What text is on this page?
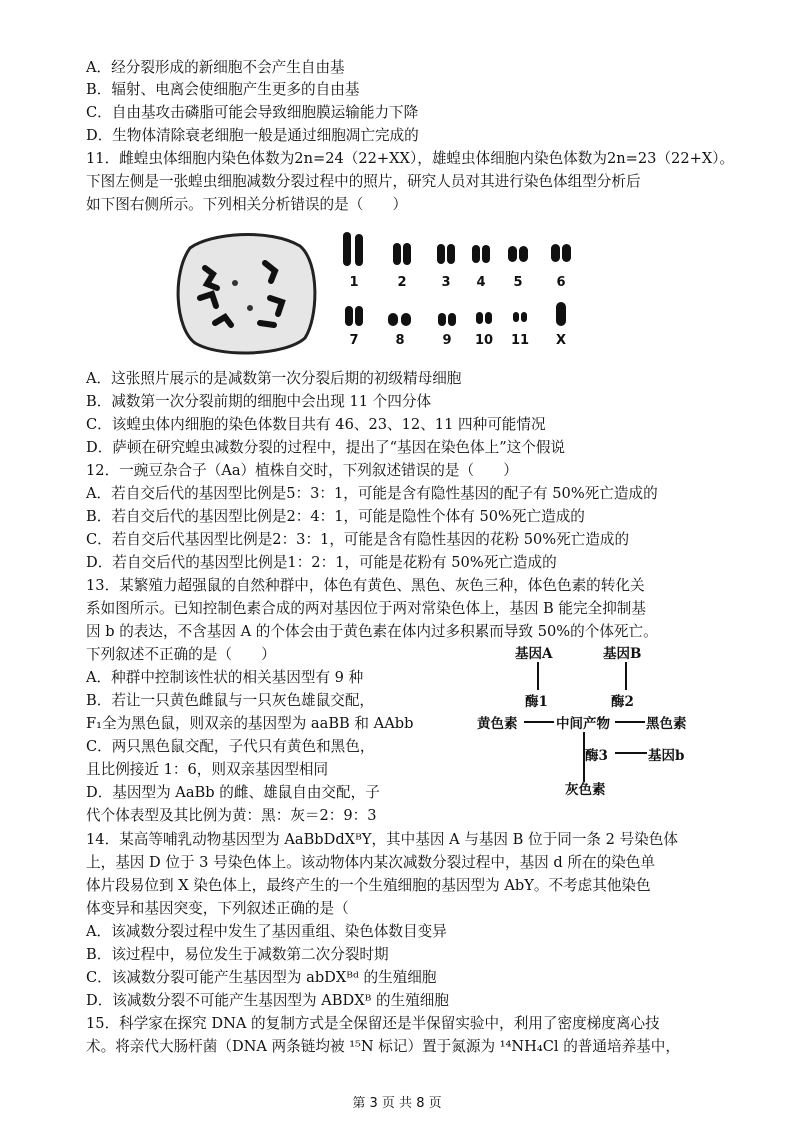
A．经分裂形成的新细胞不会产生自由基
B．辐射、电离会使细胞产生更多的自由基
C．自由基攻击磷脂可能会导致细胞膜运输能力下降
D．生物体清除衰老细胞一般是通过细胞凋亡完成的
11．雌蝗虫体细胞内染色体数为2n=24（22+XX），雄蝗虫体细胞内染色体数为2n=23（22+X）。
下图左侧是一张蝗虫细胞减数分裂过程中的照片，研究人员对其进行染色体组型分析后
如下图右侧所示。下列相关分析错误的是（　　）
1	2	3	4	5	6
7	8	9	10 11	X
A．这张照片展示的是减数第一次分裂后期的初级精母细胞
B．减数第一次分裂前期的细胞中会出现 11 个四分体
C．该蝗虫体内细胞的染色体数目共有 46、23、12、11 四种可能情况
D．萨顿在研究蝗虫减数分裂的过程中，提出了“基因在染色体上”这个假说
12．一豌豆杂合子（Aa）植株自交时，下列叙述错误的是（　　）
A．若自交后代的基因型比例是5：3：1，可能是含有隐性基因的配子有 50%死亡造成的
B．若自交后代的基因型比例是2：4：1，可能是隐性个体有 50%死亡造成的
C．若自交后代基因型比例是2：3：1，可能是含有隐性基因的花粉 50%死亡造成的
D．若自交后代的基因型比例是1：2：1，可能是花粉有 50%死亡造成的
13．某繁殖力超强鼠的自然种群中，体色有黄色、黑色、灰色三种，体色色素的转化关
系如图所示。已知控制色素合成的两对基因位于两对常染色体上，基因 B 能完全抑制基
因 b 的表达，不含基因 A 的个体会由于黄色素在体内过多积累而导致 50%的个体死亡。
下列叙述不正确的是（　　）
A．种群中控制该性状的相关基因型有 9 种
B．若让一只黄色雌鼠与一只灰色雄鼠交配，
F₁全为黑色鼠，则双亲的基因型为 aaBB 和 AAbb
C．两只黑色鼠交配，子代只有黄色和黑色，
且比例接近 1：6，则双亲基因型相同
D．基因型为 AaBb 的雌、雄鼠自由交配，子
代个体表型及其比例为黄：黑：灰＝2：9：3
基因A	基因B
酶1	酶2
黄色素	中间产物	黑色素
酶3	基因b
灰色素
14．某高等哺乳动物基因型为 AaBbDdXᴮY，其中基因 A 与基因 B 位于同一条 2 号染色体
上，基因 D 位于 3 号染色体上。该动物体内某次减数分裂过程中，基因 d 所在的染色单
体片段易位到 X 染色体上，最终产生的一个生殖细胞的基因型为 AbY。不考虑其他染色
体变异和基因突变，下列叙述正确的是（
A．该减数分裂过程中发生了基因重组、染色体数目变异
B．该过程中，易位发生于减数第二次分裂时期
C．该减数分裂可能产生基因型为 abDXᴮᵈ 的生殖细胞
D．该减数分裂不可能产生基因型为 ABDXᴮ 的生殖细胞
15．科学家在探究 DNA 的复制方式是全保留还是半保留实验中，利用了密度梯度离心技
术。将亲代大肠杆菌（DNA 两条链均被 ¹⁵N 标记）置于氮源为 ¹⁴NH₄Cl 的普通培养基中，
第 3 页 共 8 页
